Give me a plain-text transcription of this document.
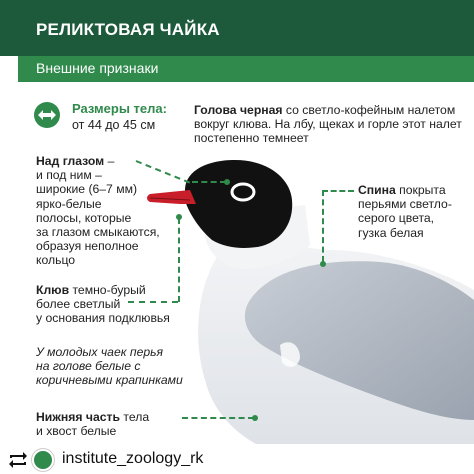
РЕЛИКТОВАЯ ЧАЙКА
Внешние признаки
Размеры тела:
от 44 до 45 см
Голова черная со светло-кофейным налетом
вокруг клюва. На лбу, щеках и горле этот налет
постепенно темнеет
Над глазом –
и под ним –
широкие (6–7 мм)
ярко-белые
полосы, которые
за глазом смыкаются,
образуя неполное
кольцо
Спина покрыта
перьями светло-
серого цвета,
гузка белая
Клюв темно-бурый
более светлый
у основания подклювья
У молодых чаек перья
на голове белые с
коричневыми крапинками
Нижняя часть тела
и хвост белые
institute_zoology_rk
